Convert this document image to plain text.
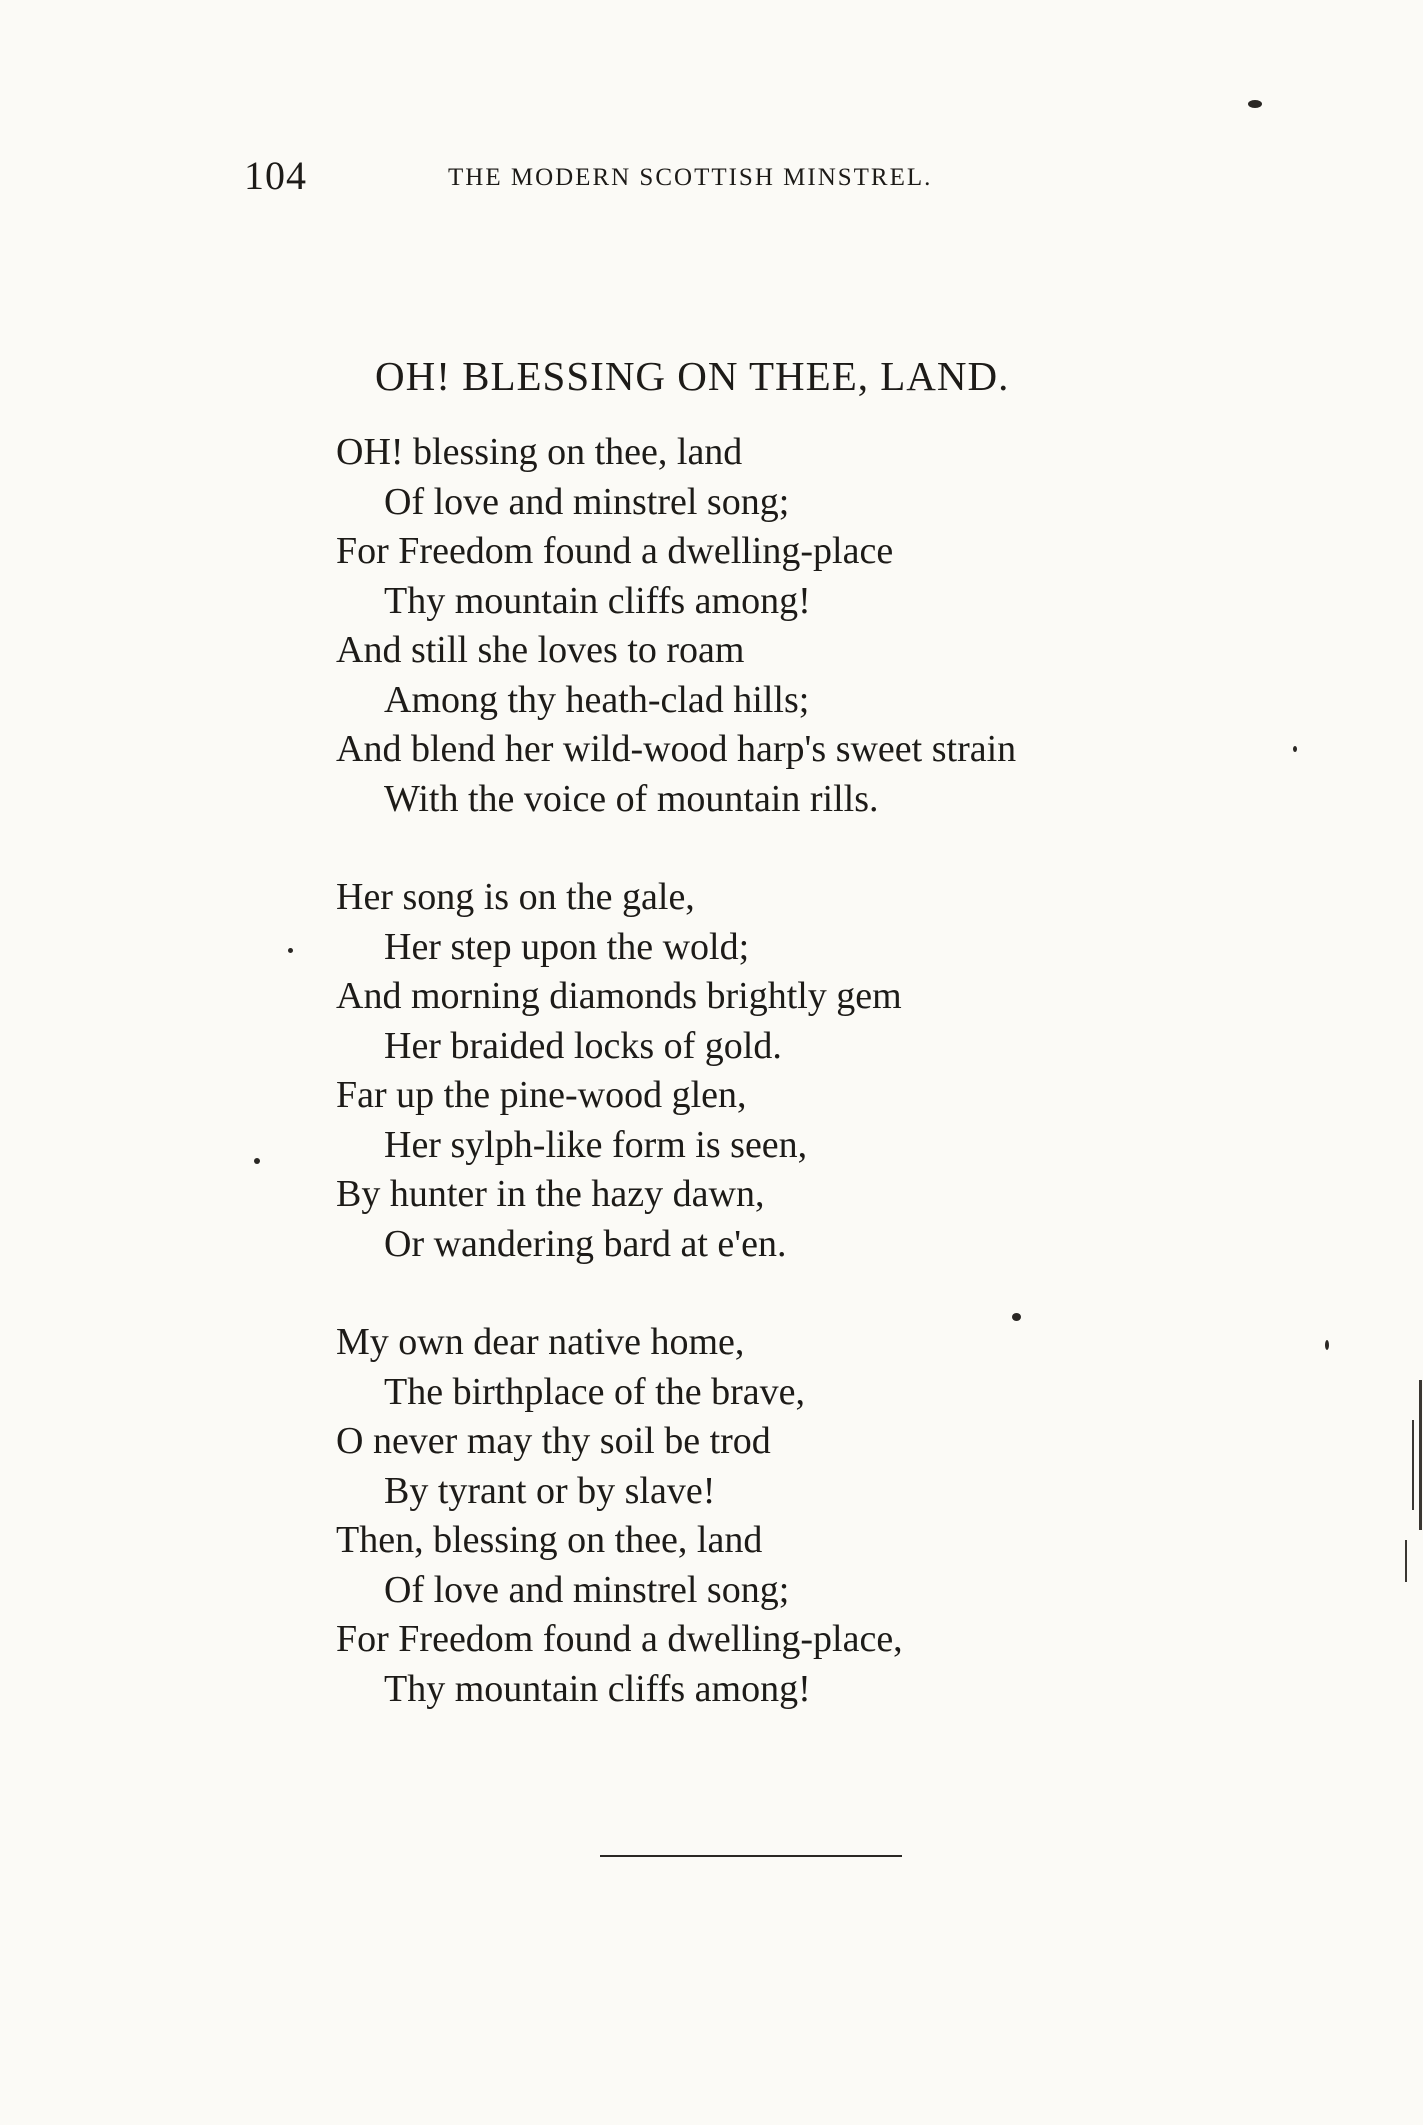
104	THE MODERN SCOTTISH MINSTREL.
OH! BLESSING ON THEE, LAND.
OH! blessing on thee, land
Of love and minstrel song;
For Freedom found a dwelling-place
Thy mountain cliffs among!
And still she loves to roam
Among thy heath-clad hills;
And blend her wild-wood harp's sweet strain
With the voice of mountain rills.
Her song is on the gale,
Her step upon the wold;
And morning diamonds brightly gem
Her braided locks of gold.
Far up the pine-wood glen,
Her sylph-like form is seen,
By hunter in the hazy dawn,
Or wandering bard at e'en.
My own dear native home,
The birthplace of the brave,
O never may thy soil be trod
By tyrant or by slave!
Then, blessing on thee, land
Of love and minstrel song;
For Freedom found a dwelling-place,
Thy mountain cliffs among!
